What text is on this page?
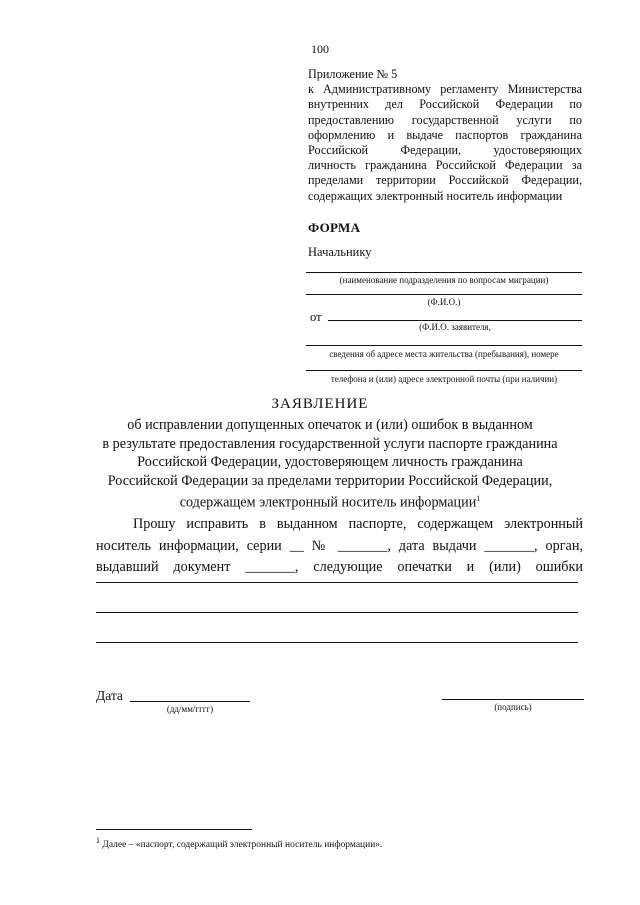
100
Приложение № 5
к Административному регламенту Министерства
внутренних дел Российской Федерации по
предоставлению государственной услуги по
оформлению и выдаче паспортов гражданина
Российской Федерации, удостоверяющих
личность гражданина Российской Федерации за
пределами территории Российской Федерации,
содержащих электронный носитель информации
ФОРМА
Начальнику
(наименование подразделения по вопросам миграции)
(Ф.И.О.)
от
(Ф.И.О. заявителя,
сведения об адресе места жительства (пребывания), номере
телефона и (или) адресе электронной почты (при наличии)
ЗАЯВЛЕНИЕ
об исправлении допущенных опечаток и (или) ошибок в выданном
в результате предоставления государственной услуги паспорте гражданина
Российской Федерации, удостоверяющем личность гражданина
Российской Федерации за пределами территории Российской Федерации,
содержащем электронный носитель информации$^1$
Прошу исправить в выданном паспорте, содержащем электронный
носитель информации, серии __ № _______, дата выдачи _______, орган,
выдавший документ _______, следующие опечатки и (или) ошибки
Дата
(дд/мм/гггг)	(подпись)
$^1$ Далее – «паспорт, содержащий электронный носитель информации».
